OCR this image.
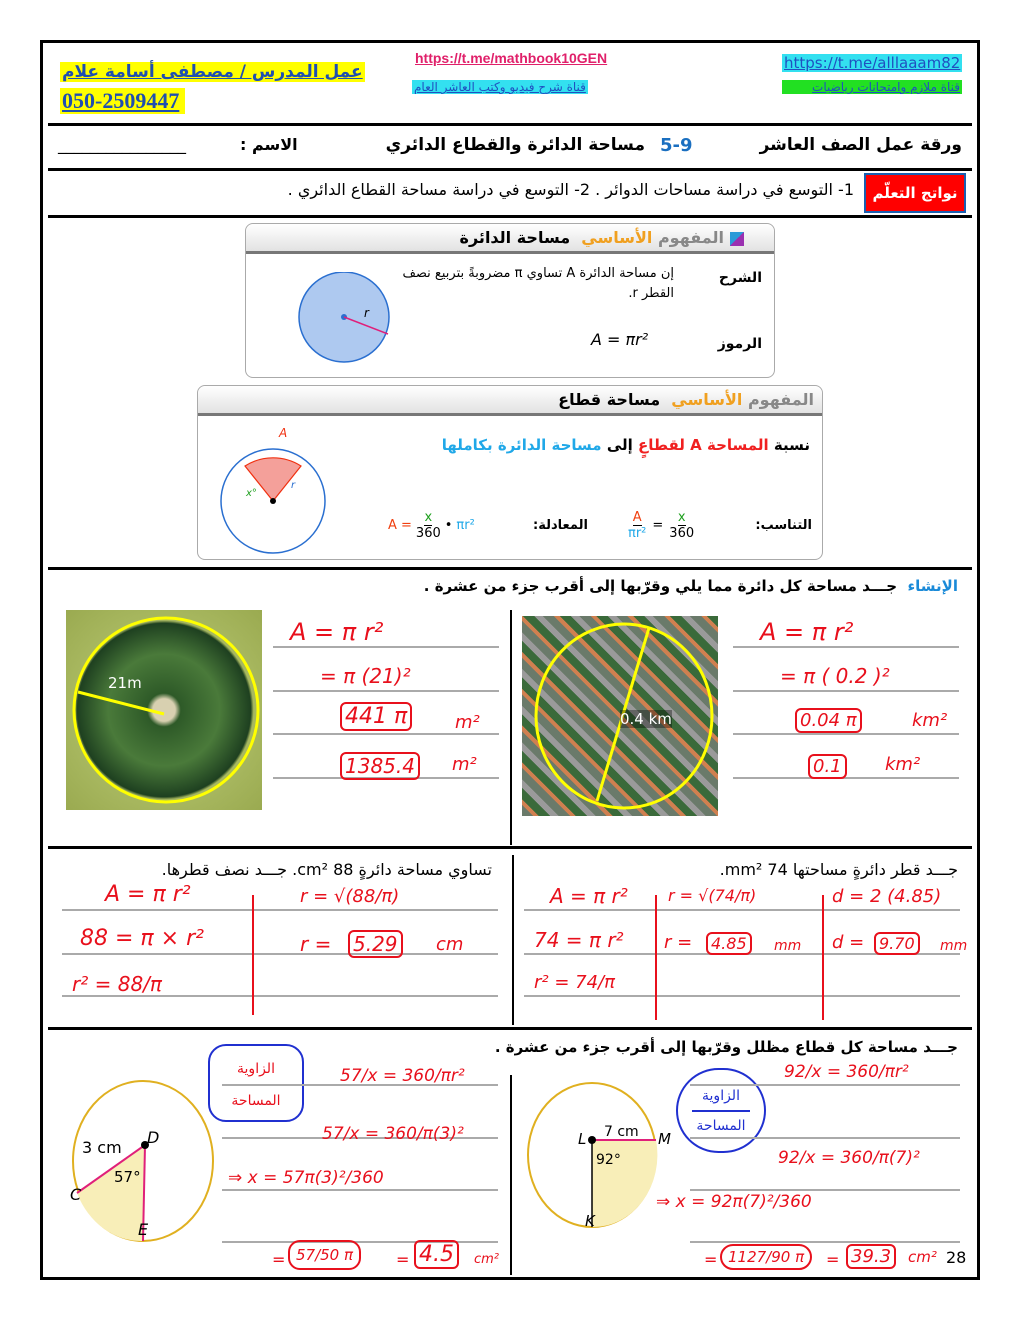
عمل المدرس / مصطفى أسامة علام
050-2509447
https://t.me/mathbook10GEN
قناة شرح فيديو وكتب العاشر العام
https://t.me/alllaaam82
قناة ملازم وامتحانات رياضيات
ورقة عمل الصف العاشر
5-9
مساحة الدائرة والقطاع الدائري
الاسم :
________________
نواتج التعلّم
1- التوسع في دراسة مساحات الدوائر . 2- التوسع في دراسة مساحة القطاع الدائري .
المفهوم الأساسي  مساحة الدائرة
الشرح
إن مساحة الدائرة A تساوي π مضروبةً بتربيع نصف القطر r.
الرموز
A = πr²
r
المفهوم الأساسي  مساحة قطاع
نسبة المساحة A لقطاعٍ إلى مساحة الدائرة بكاملها
التناسب:
$\frac{A}{\text{πr²}} = \frac{x}{360}$
المعادلة:
$A = \frac{x}{360}$ • πr²
A
x°
r
الإنشاء  جـــد مساحة كل دائرة مما يلي وقرّبها إلى أقرب جزء من عشرة .
21m
0.4 km
A = π r²
= π (21)²
441 π	m²
1385.4 m²
A = π r²
= π ( 0.2 )²
0.04 π	km²
0.1 km²
تساوي مساحة دائرةٍ 88 cm². جـــد نصف قطرها.	جـــد قطر دائرةٍ مساحتها 74 mm².
A = π r²
88 = π × r²
r² = 88/π
r = √(88/π)
r = 5.29 cm
A = π r²
74 = π r²
r² = 74/π
r = √(74/π)
r =	4.85	mm
d = 2 (4.85)
d = 9.70	mm
جـــد مساحة كل قطاع مظلل وقرّبها إلى أقرب جزء من عشرة .
3 cm
57°
D
C
E
7 cm
92°
L	M
K
الزاوية
المساحة	الزاوية
المساحة
57/x = 360/πr²
57/x = 360/π(3)²
⇒ x = 57π(3)²/360
= 57/50 π	= 4.5	cm²
92/x = 360/πr²
92/x = 360/π(7)²
⇒ x = 92π(7)²/360
= 1127/90 π	= 39.3	cm² 28
